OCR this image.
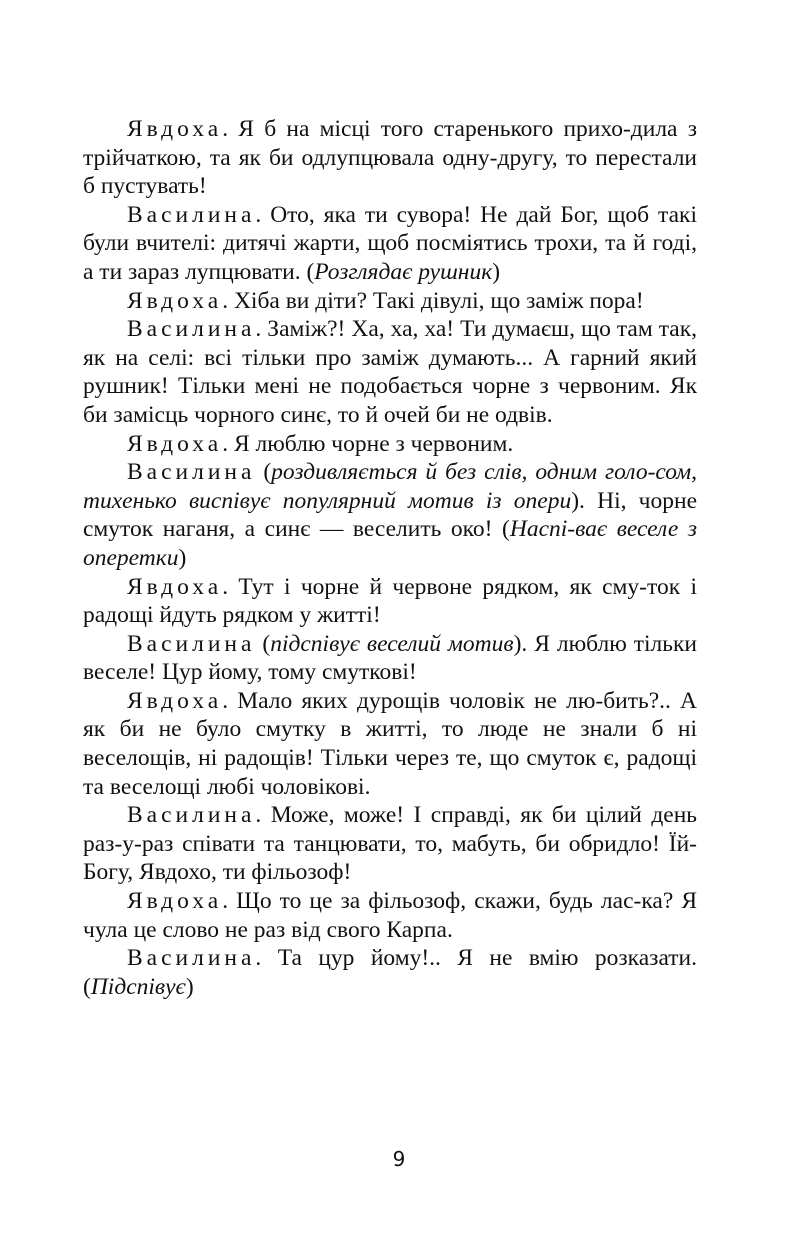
Явдоха. Я б на місці того старенького прихо-дила з трійчаткою, та як би одлупцювала одну-другу, то перестали б пустувать!

Василина. Ото, яка ти сувора! Не дай Бог, щоб такі були вчителі: дитячі жарти, щоб посміятись трохи, та й годі, а ти зараз лупцювати. (Розглядає рушник)

Явдоха. Хіба ви діти? Такі дівулі, що заміж пора!

Василина. Заміж?! Ха, ха, ха! Ти думаєш, що там так, як на селі: всі тільки про заміж думають... А гарний який рушник! Тільки мені не подобається чорне з червоним. Як би замісць чорного синє, то й очей би не одвів.

Явдоха. Я люблю чорне з червоним.

Василина (роздивляється й без слів, одним голо-сом, тихенько виспівує популярний мотив із опери). Ні, чорне смуток наганя, а синє — веселить око! (Наспі-ває веселе з оперетки)

Явдоха. Тут і чорне й червоне рядком, як сму-ток і радощі йдуть рядком у житті!

Василина (підспівує веселий мотив). Я люблю тільки веселе! Цур йому, тому смуткові!

Явдоха. Мало яких дурощів чоловік не лю-бить?.. А як би не було смутку в житті, то люде не знали б ні веселощів, ні радощів! Тільки через те, що смуток є, радощі та веселощі любі чоловікові.

Василина. Може, може! І справді, як би цілий день раз-у-раз співати та танцювати, то, мабуть, би обридло! Їй-Богу, Явдохо, ти фільозоф!

Явдоха. Що то це за фільозоф, скажи, будь лас-ка? Я чула це слово не раз від свого Карпа.

Василина. Та цур йому!.. Я не вмію розказати. (Підспівує)

9
